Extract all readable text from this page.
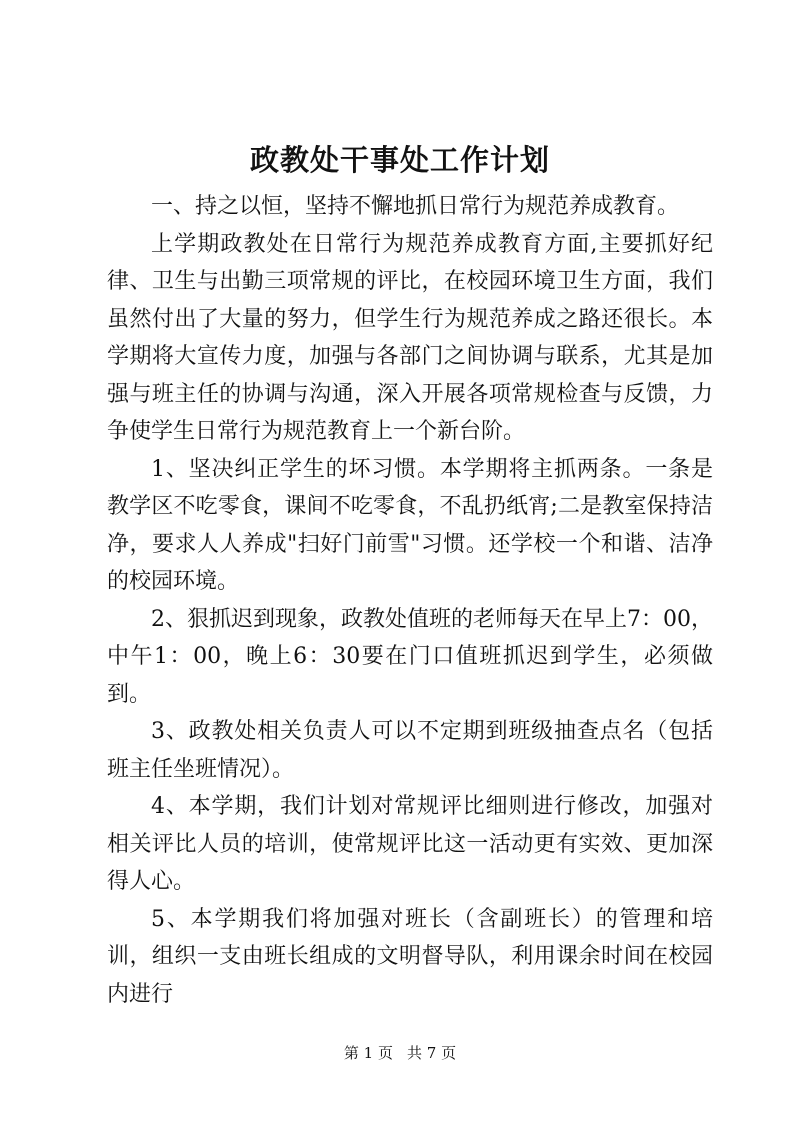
政教处干事处工作计划

一、持之以恒，坚持不懈地抓日常行为规范养成教育。

上学期政教处在日常行为规范养成教育方面,主要抓好纪律、卫生与出勤三项常规的评比，在校园环境卫生方面，我们虽然付出了大量的努力，但学生行为规范养成之路还很长。本学期将大宣传力度，加强与各部门之间协调与联系，尤其是加强与班主任的协调与沟通，深入开展各项常规检查与反馈，力争使学生日常行为规范教育上一个新台阶。

1、坚决纠正学生的坏习惯。本学期将主抓两条。一条是教学区不吃零食，课间不吃零食，不乱扔纸宵;二是教室保持洁净，要求人人养成"扫好门前雪"习惯。还学校一个和谐、洁净的校园环境。

2、狠抓迟到现象，政教处值班的老师每天在早上7：00，中午1：00，晚上6：30要在门口值班抓迟到学生，必须做到。

3、政教处相关负责人可以不定期到班级抽查点名（包括班主任坐班情况）。

4、本学期，我们计划对常规评比细则进行修改，加强对相关评比人员的培训，使常规评比这一活动更有实效、更加深得人心。

5、本学期我们将加强对班长（含副班长）的管理和培训，组织一支由班长组成的文明督导队，利用课余时间在校园内进行

第 1 页 共 7 页
